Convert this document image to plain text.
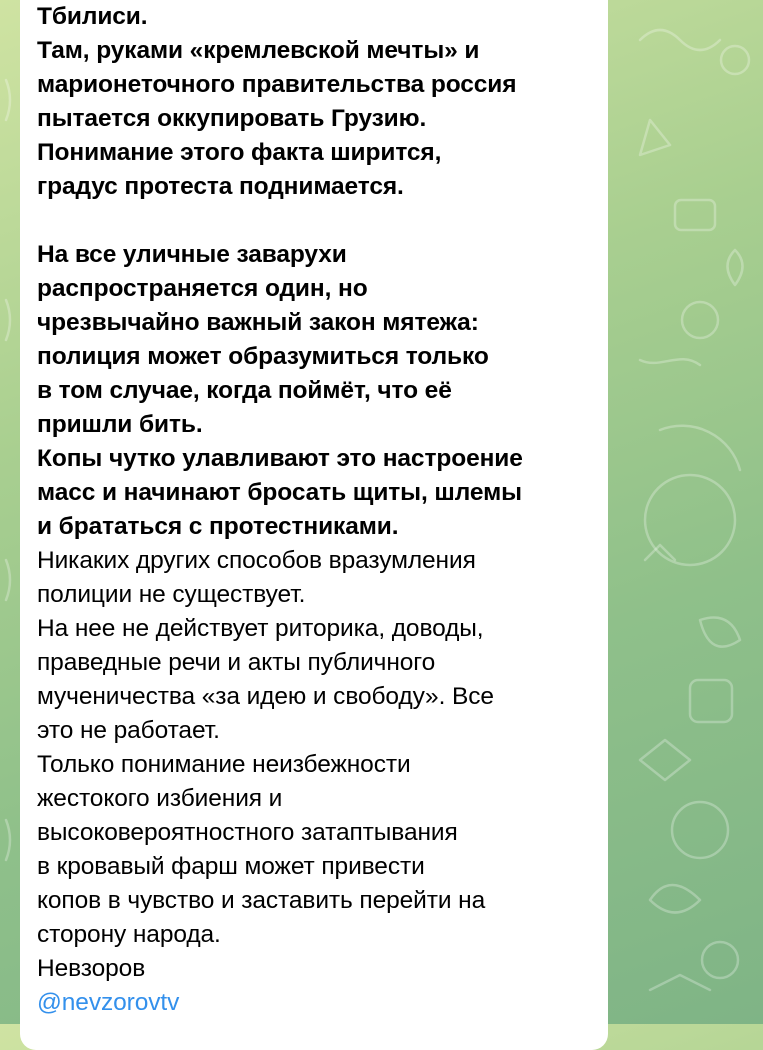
Тбилиси.
Там, руками «кремлевской мечты» и
марионеточного правительства россия
пытается оккупировать Грузию.
Понимание этого факта ширится,
градус протеста поднимается.
На все уличные заварухи
распространяется один, но
чрезвычайно важный закон мятежа:
полиция может образумиться только
в том случае, когда поймёт, что её
пришли бить.
Копы чутко улавливают это настроение
масс и начинают бросать щиты, шлемы
и брататься с протестниками.
Никаких других способов вразумления
полиции не существует.
На нее не действует риторика, доводы,
праведные речи и акты публичного
мученичества «за идею и свободу». Все
это не работает.
Только понимание неизбежности
жестокого избиения и
высоковероятностного затаптывания
в кровавый фарш может привести
копов в чувство и заставить перейти на
сторону народа.
Невзоров
@nevzorovtv
